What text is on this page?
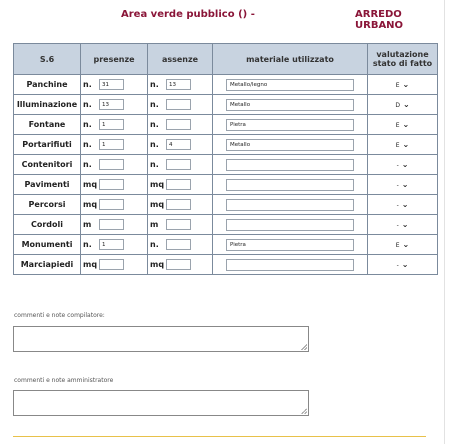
Area verde pubblico () -	ARREDO URBANO
S.6	presenze	assenze	materiale utilizzato	valutazione stato di fatto
Panchine	n. 31	n. 13	Metallo/legno	E ⌄
Illuminazione	n. 13	n.	Metallo	D ⌄
Fontane	n. 1	n.	Pietra	E ⌄
Portarifiuti	n. 1	n. 4	Metallo	E ⌄
Contenitori	n.	n.		- ⌄
Pavimenti	mq	mq		- ⌄
Percorsi	mq	mq		- ⌄
Cordoli	m	m		- ⌄
Monumenti	n. 1	n.	Pietra	E ⌄
Marciapiedi	mq	mq		- ⌄
commenti e note compilatore:
commenti e note amministratore
